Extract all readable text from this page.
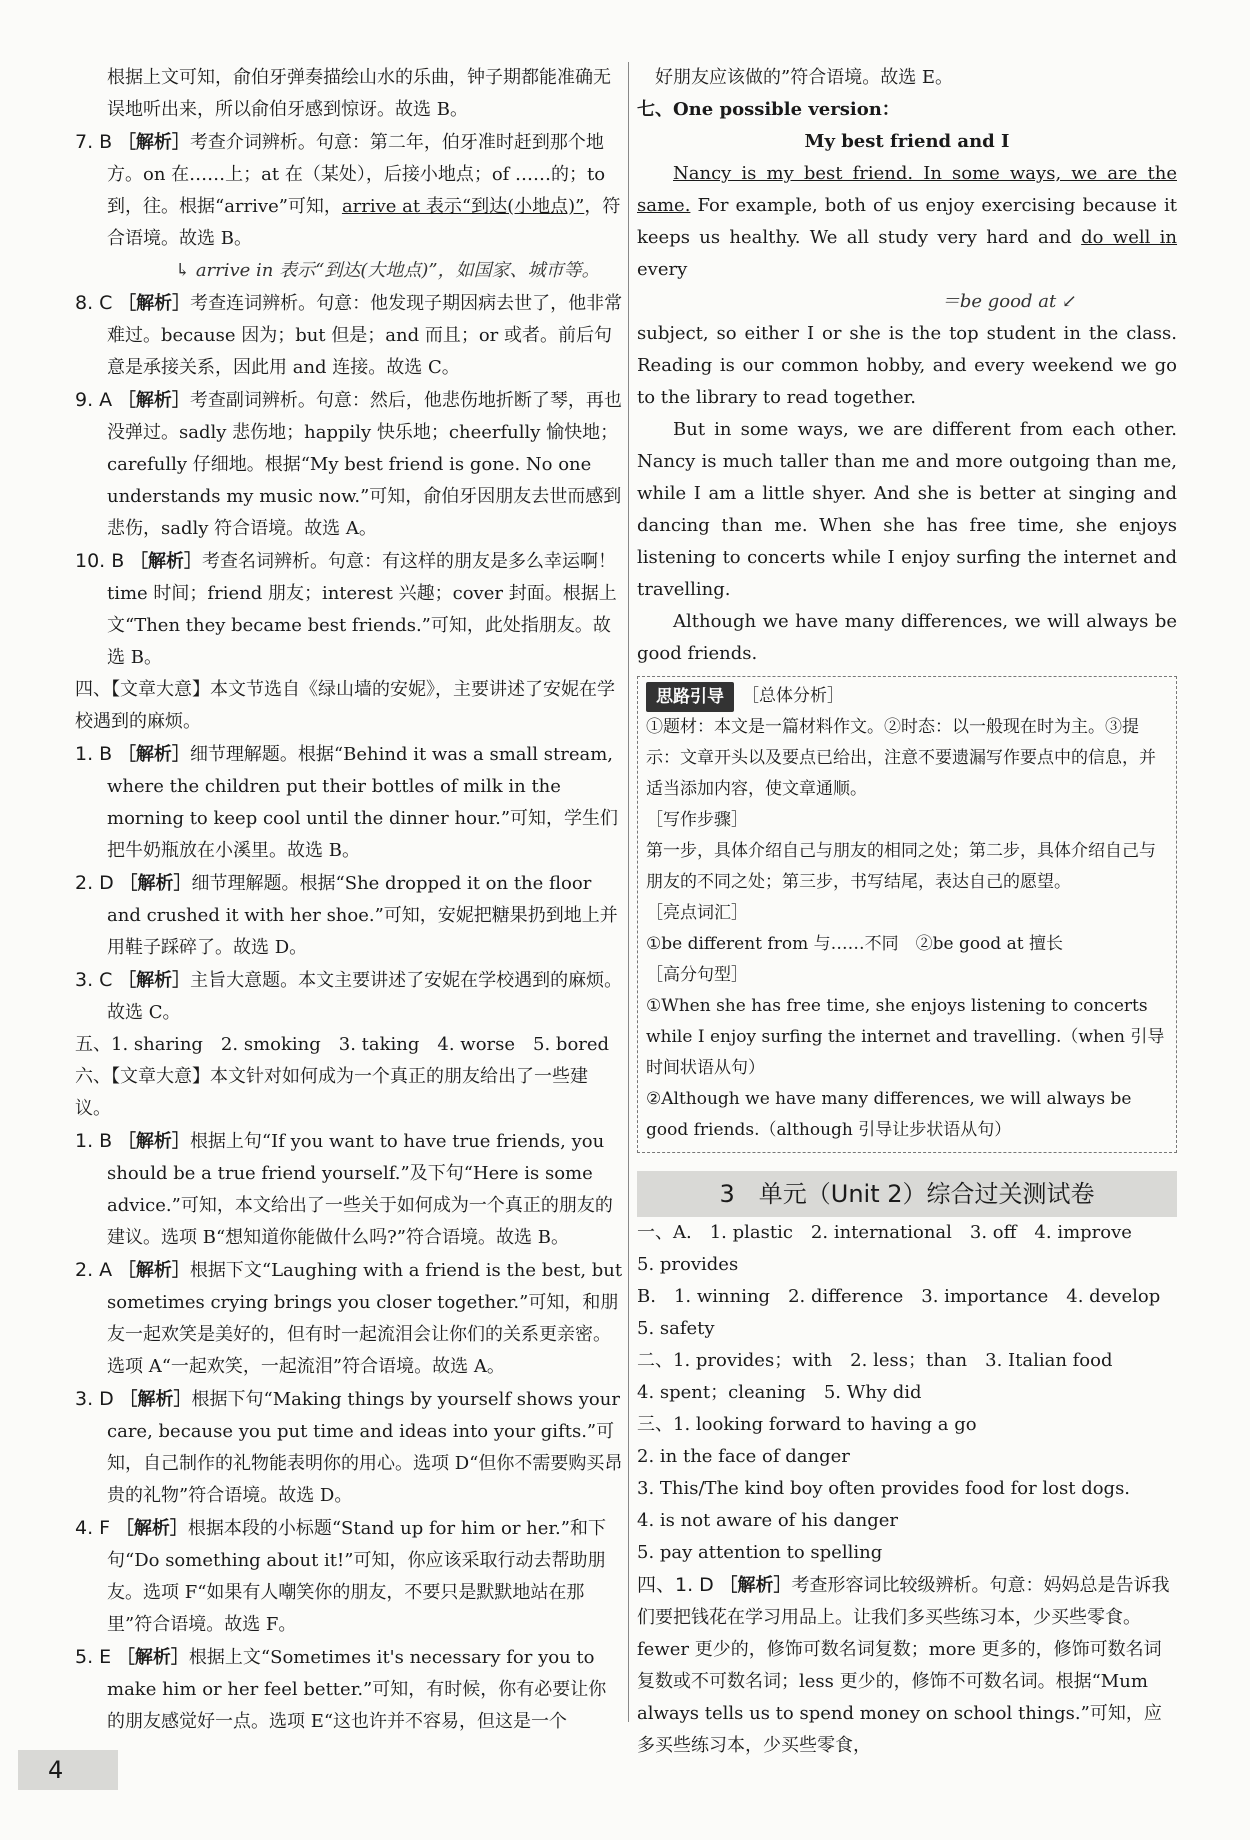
根据上文可知，俞伯牙弹奏描绘山水的乐曲，钟子期都能准确无误地听出来，所以俞伯牙感到惊讶。故选 B。

7. B ［解析］考查介词辨析。句意：第二年，伯牙准时赶到那个地方。on 在……上；at 在（某处），后接小地点；of ……的；to 到，往。根据“arrive”可知，arrive at 表示“到达(小地点)”，符合语境。故选 B。

↳ arrive in 表示“到达(大地点)”，如国家、城市等。

8. C ［解析］考查连词辨析。句意：他发现子期因病去世了，他非常难过。because 因为；but 但是；and 而且；or 或者。前后句意是承接关系，因此用 and 连接。故选 C。

9. A ［解析］考查副词辨析。句意：然后，他悲伤地折断了琴，再也没弹过。sadly 悲伤地；happily 快乐地；cheerfully 愉快地；carefully 仔细地。根据“My best friend is gone. No one understands my music now.”可知，俞伯牙因朋友去世而感到悲伤，sadly 符合语境。故选 A。

10. B ［解析］考查名词辨析。句意：有这样的朋友是多么幸运啊！time 时间；friend 朋友；interest 兴趣；cover 封面。根据上文“Then they became best friends.”可知，此处指朋友。故选 B。

四、【文章大意】本文节选自《绿山墙的安妮》，主要讲述了安妮在学校遇到的麻烦。

1. B ［解析］细节理解题。根据“Behind it was a small stream, where the children put their bottles of milk in the morning to keep cool until the dinner hour.”可知，学生们把牛奶瓶放在小溪里。故选 B。

2. D ［解析］细节理解题。根据“She dropped it on the floor and crushed it with her shoe.”可知，安妮把糖果扔到地上并用鞋子踩碎了。故选 D。

3. C ［解析］主旨大意题。本文主要讲述了安妮在学校遇到的麻烦。故选 C。

五、1. sharing　2. smoking　3. taking　4. worse　5. bored

六、【文章大意】本文针对如何成为一个真正的朋友给出了一些建议。

1. B ［解析］根据上句“If you want to have true friends, you should be a true friend yourself.”及下句“Here is some advice.”可知，本文给出了一些关于如何成为一个真正的朋友的建议。选项 B“想知道你能做什么吗?”符合语境。故选 B。

2. A ［解析］根据下文“Laughing with a friend is the best, but sometimes crying brings you closer together.”可知，和朋友一起欢笑是美好的，但有时一起流泪会让你们的关系更亲密。选项 A“一起欢笑，一起流泪”符合语境。故选 A。

3. D ［解析］根据下句“Making things by yourself shows your care, because you put time and ideas into your gifts.”可知，自己制作的礼物能表明你的用心。选项 D“但你不需要购买昂贵的礼物”符合语境。故选 D。

4. F ［解析］根据本段的小标题“Stand up for him or her.”和下句“Do something about it!”可知，你应该采取行动去帮助朋友。选项 F“如果有人嘲笑你的朋友，不要只是默默地站在那里”符合语境。故选 F。

5. E ［解析］根据上文“Sometimes it's necessary for you to make him or her feel better.”可知，有时候，你有必要让你的朋友感觉好一点。选项 E“这也许并不容易，但这是一个

好朋友应该做的”符合语境。故选 E。

七、One possible version：

My best friend and I

Nancy is my best friend. In some ways, we are the same. For example, both of us enjoy exercising because it keeps us healthy. We all study very hard and do well in every

＝be good at ↙

subject, so either I or she is the top student in the class. Reading is our common hobby, and every weekend we go to the library to read together.

But in some ways, we are different from each other. Nancy is much taller than me and more outgoing than me, while I am a little shyer. And she is better at singing and dancing than me. When she has free time, she enjoys listening to concerts while I enjoy surfing the internet and travelling.

Although we have many differences, we will always be good friends.

思路引导	［总体分析］

①题材：本文是一篇材料作文。②时态：以一般现在时为主。③提示：文章开头以及要点已给出，注意不要遗漏写作要点中的信息，并适当添加内容，使文章通顺。

［写作步骤］

第一步，具体介绍自己与朋友的相同之处；第二步，具体介绍自己与朋友的不同之处；第三步，书写结尾，表达自己的愿望。

［亮点词汇］

①be different from 与……不同　②be good at 擅长

［高分句型］

①When she has free time, she enjoys listening to concerts while I enjoy surfing the internet and travelling.（when 引导时间状语从句）

②Although we have many differences, we will always be good friends.（although 引导让步状语从句）

3　单元（Unit 2）综合过关测试卷

一、A.　1. plastic　2. international　3. off　4. improve

5. provides

B.　1. winning　2. difference　3. importance　4. develop

5. safety

二、1. provides；with　2. less；than　3. Italian food

4. spent；cleaning　5. Why did

三、1. looking forward to having a go

2. in the face of danger

3. This/The kind boy often provides food for lost dogs.

4. is not aware of his danger

5. pay attention to spelling

四、1. D ［解析］考查形容词比较级辨析。句意：妈妈总是告诉我们要把钱花在学习用品上。让我们多买些练习本，少买些零食。fewer 更少的，修饰可数名词复数；more 更多的，修饰可数名词复数或不可数名词；less 更少的，修饰不可数名词。根据“Mum always tells us to spend money on school things.”可知，应多买些练习本，少买些零食，

4
